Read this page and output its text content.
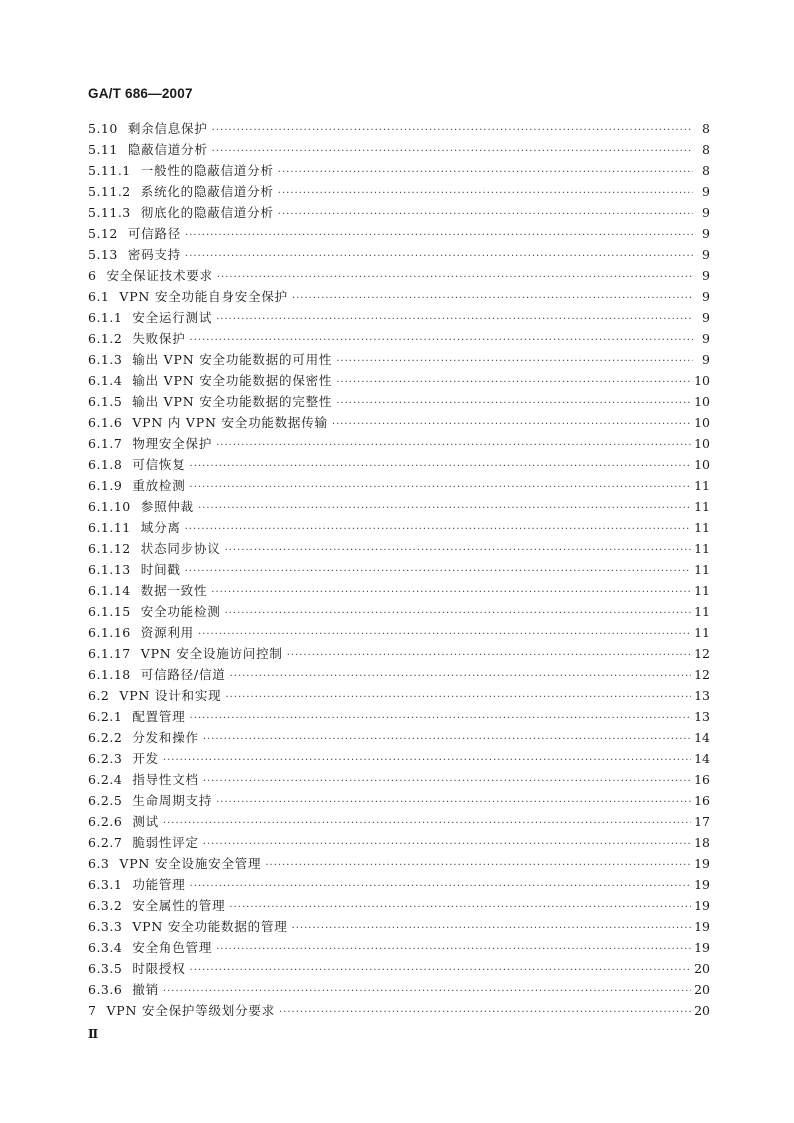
GA/T 686—2007
5.10 剩余信息保护 ·····	8
5.11 隐蔽信道分析 ·····	8
5.11.1 一般性的隐蔽信道分析 ·····	8
5.11.2 系统化的隐蔽信道分析 ·····	9
5.11.3 彻底化的隐蔽信道分析 ·····	9
5.12 可信路径 ·····	9
5.13 密码支持 ·····	9
6 安全保证技术要求 ·····	9
6.1 VPN 安全功能自身安全保护 ·····	9
6.1.1 安全运行测试 ·····	9
6.1.2 失败保护 ·····	9
6.1.3 输出 VPN 安全功能数据的可用性 ·····	9
6.1.4 输出 VPN 安全功能数据的保密性 ·····	10
6.1.5 输出 VPN 安全功能数据的完整性 ·····	10
6.1.6 VPN 内 VPN 安全功能数据传输 ·····	10
6.1.7 物理安全保护 ·····	10
6.1.8 可信恢复 ·····	10
6.1.9 重放检测 ·····	11
6.1.10 参照仲裁 ·····	11
6.1.11 域分离 ·····	11
6.1.12 状态同步协议 ·····	11
6.1.13 时间戳 ·····	11
6.1.14 数据一致性 ·····	11
6.1.15 安全功能检测 ·····	11
6.1.16 资源利用 ·····	11
6.1.17 VPN 安全设施访问控制 ·····	12
6.1.18 可信路径/信道 ·····	12
6.2 VPN 设计和实现 ·····	13
6.2.1 配置管理 ·····	13
6.2.2 分发和操作 ·····	14
6.2.3 开发 ·····	14
6.2.4 指导性文档 ·····	16
6.2.5 生命周期支持 ·····	16
6.2.6 测试 ·····	17
6.2.7 脆弱性评定 ·····	18
6.3 VPN 安全设施安全管理 ·····	19
6.3.1 功能管理 ·····	19
6.3.2 安全属性的管理 ·····	19
6.3.3 VPN 安全功能数据的管理 ·····	19
6.3.4 安全角色管理 ·····	19
6.3.5 时限授权 ·····	20
6.3.6 撤销 ·····	20
7 VPN 安全保护等级划分要求 ·····	20
Ⅱ
